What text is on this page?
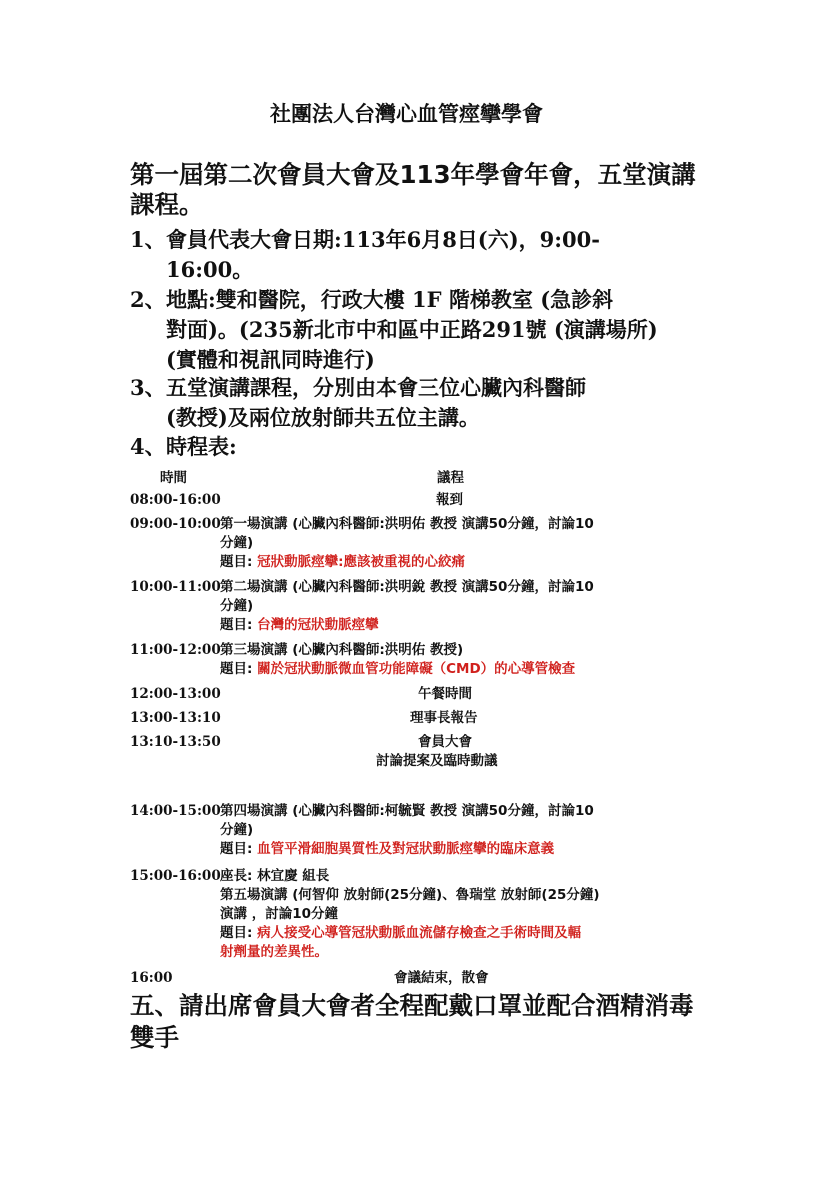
社團法人台灣心血管痙攣學會
第一屆第二次會員大會及113年學會年會，五堂演講
課程。
1、 會員代表大會日期:113年6月8日(六)，9:00-
16:00。
2、 地點:雙和醫院，行政大樓 1F 階梯教室 (急診斜
對面)。(235新北市中和區中正路291號 (演講場所)
(實體和視訊同時進行)
3、 五堂演講課程，分別由本會三位心臟內科醫師
(教授)及兩位放射師共五位主講。
4、 時程表:
時間	議程
08:00-16:00	報到
09:00-10:00 第一場演講 (心臟內科醫師:洪明佑 教授 演講50分鐘，討論10
分鐘)
題目: 冠狀動脈痙攣:應該被重視的心絞痛
10:00-11:00 第二場演講 (心臟內科醫師:洪明銳 教授 演講50分鐘，討論10
分鐘)
題目: 台灣的冠狀動脈痙攣
11:00-12:00 第三場演講 (心臟內科醫師:洪明佑 教授)
題目: 關於冠狀動脈微血管功能障礙（CMD）的心導管檢查
12:00-13:00	午餐時間
13:00-13:10	理事長報告
13:10-13:50	會員大會
討論提案及臨時動議
14:00-15:00 第四場演講 (心臟內科醫師:柯毓賢 教授 演講50分鐘，討論10
分鐘)
題目: 血管平滑細胞異質性及對冠狀動脈痙攣的臨床意義
15:00-16:00 座長: 林宜慶 組長
第五場演講 (何智仰 放射師(25分鐘)、魯瑞堂 放射師(25分鐘)
演講 ，討論10分鐘
題目: 病人接受心導管冠狀動脈血流儲存檢查之手術時間及輻
射劑量的差異性。
16:00	會議結束，散會
五、請出席會員大會者全程配戴口罩並配合酒精消毒
雙手
